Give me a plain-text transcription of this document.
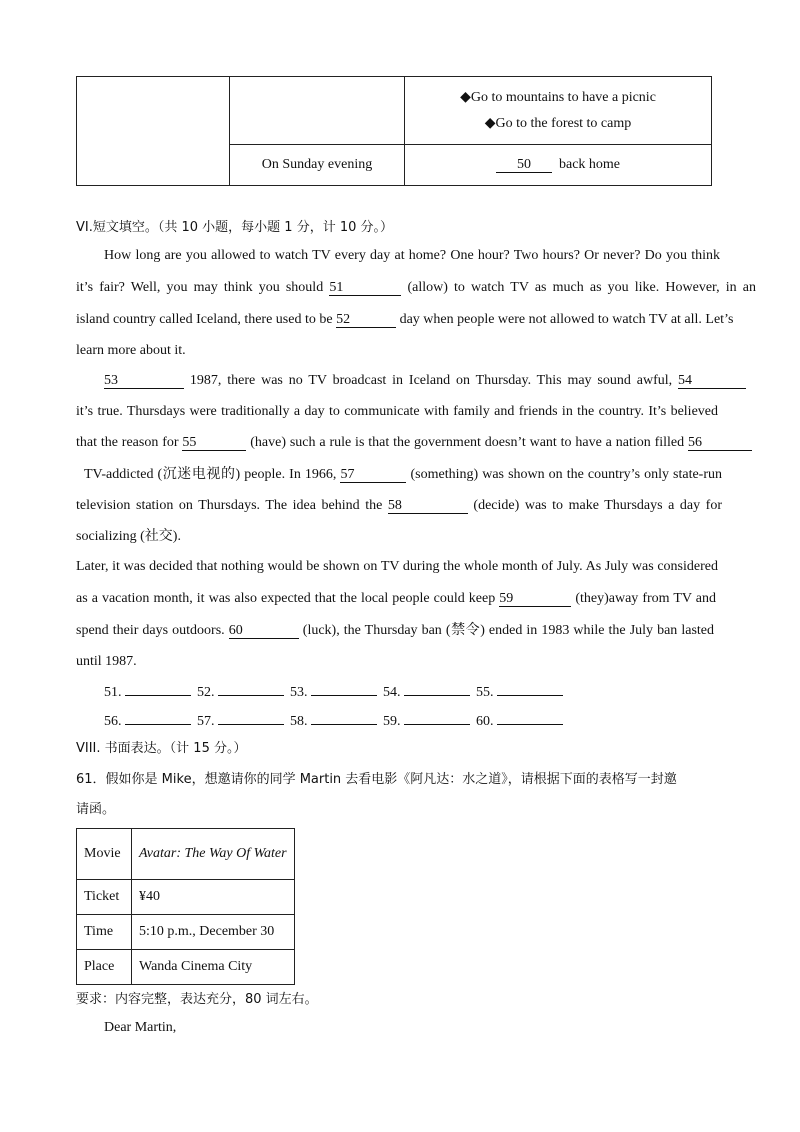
		◆Go to mountains to have a picnic
◆Go to the forest to camp

	On Sunday evening	50 back home
VI.短文填空。（共 10 小题，每小题 1 分，计 10 分。）
How long are you allowed to watch TV every day at home? One hour? Two hours? Or never? Do you think
it’s fair? Well, you may think you should 51	(allow) to watch TV as much as you like. However, in an
island country called Iceland, there used to be 52	day when people were not allowed to watch TV at all. Let’s
learn more about it.
53	1987, there was no TV broadcast in Iceland on Thursday. This may sound awful, 54
it’s true. Thursdays were traditionally a day to communicate with family and friends in the country. It’s believed
that the reason for 55	(have) such a rule is that the government doesn’t want to have a nation filled 56
TV-addicted (沉迷电视的) people. In 1966, 57	(something) was shown on the country’s only state-run
television station on Thursdays. The idea behind the 58	(decide) was to make Thursdays a day for
socializing (社交).
Later, it was decided that nothing would be shown on TV during the whole month of July. As July was considered
as a vacation month, it was also expected that the local people could keep 59	(they)away from TV and
spend their days outdoors. 60	(luck), the Thursday ban (禁令) ended in 1983 while the July ban lasted
until 1987.
51.	52.	53.	54.	55.
56.	57.	58.	59.	60.
VIII. 书面表达。（计 15 分。）
61．假如你是 Mike，想邀请你的同学 Martin 去看电影《阿凡达：水之道》，请根据下面的表格写一封邀
请函。
Movie	Avatar: The Way Of Water
Ticket	¥40
Time	5:10 p.m., December 30
Place	Wanda Cinema City
要求：内容完整，表达充分，80 词左右。
Dear Martin,
